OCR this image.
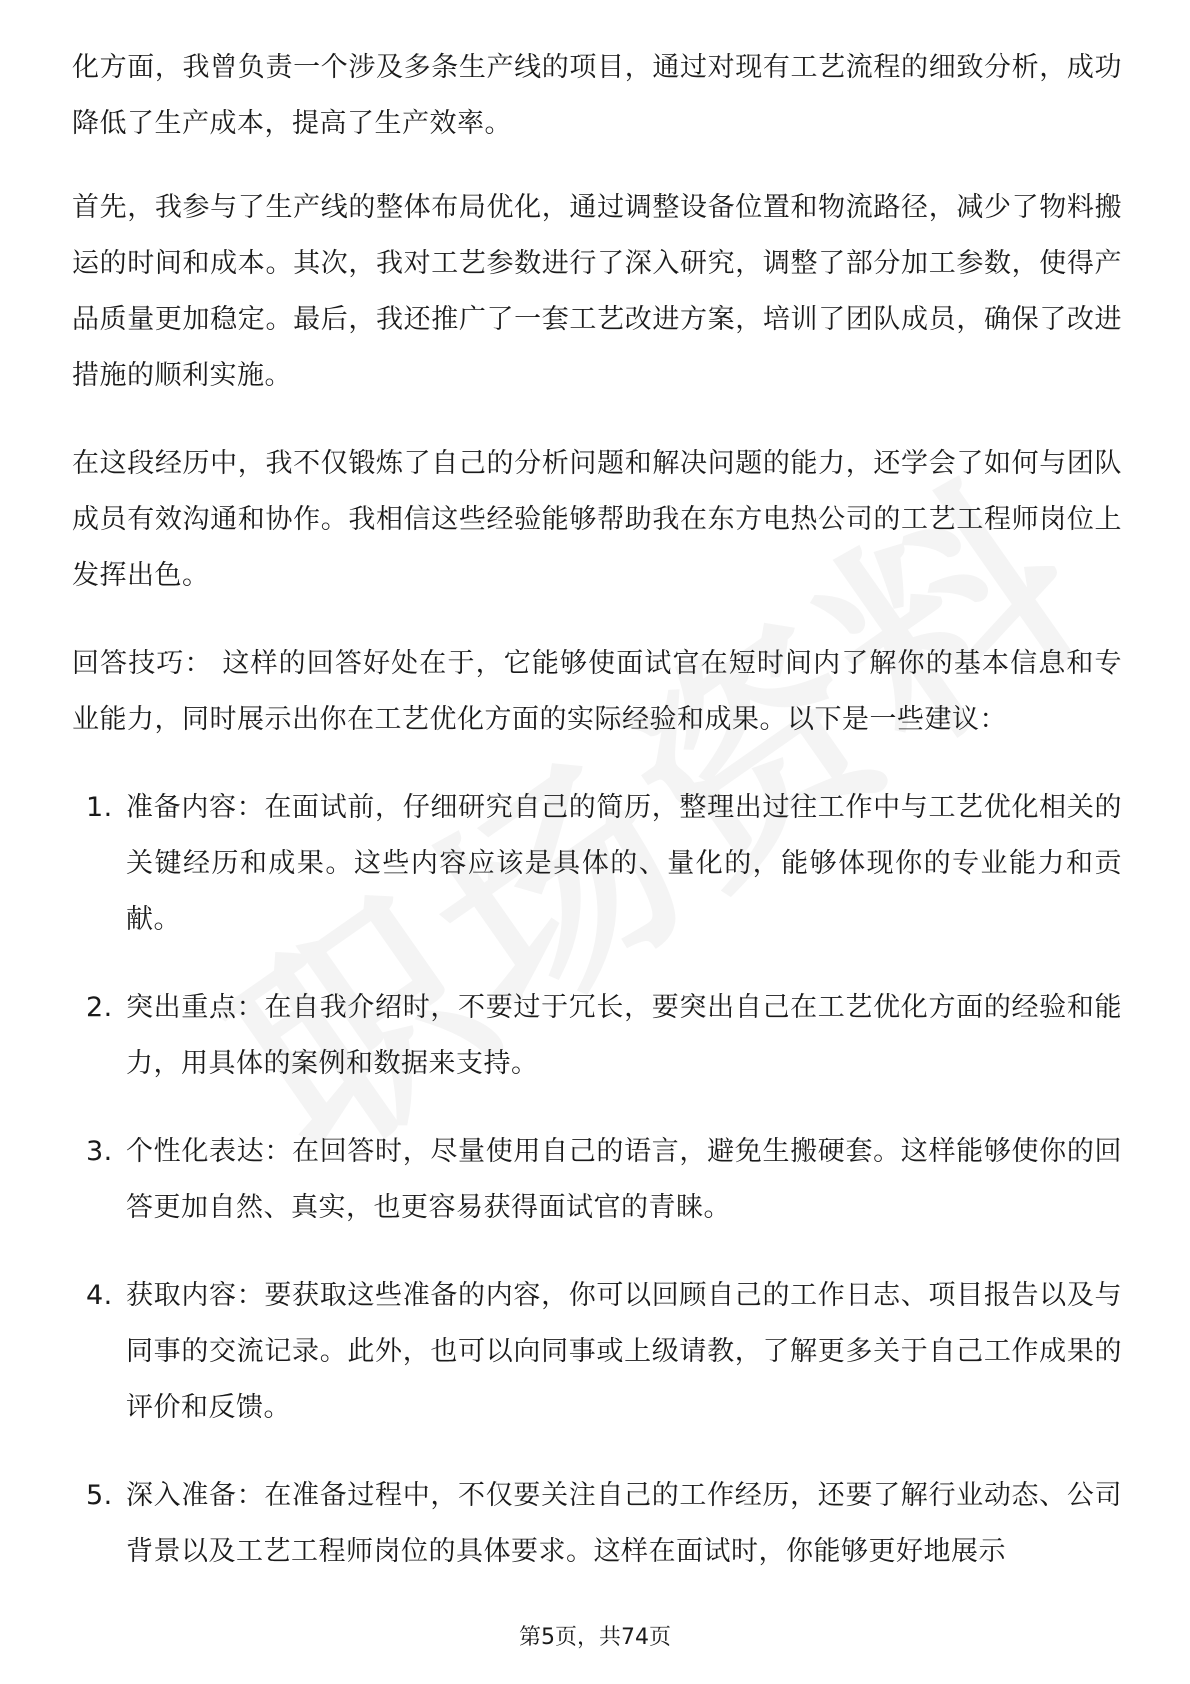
化方面，我曾负责一个涉及多条生产线的项目，通过对现有工艺流程的细致分析，成功降低了生产成本，提高了生产效率。

首先，我参与了生产线的整体布局优化，通过调整设备位置和物流路径，减少了物料搬运的时间和成本。其次，我对工艺参数进行了深入研究，调整了部分加工参数，使得产品质量更加稳定。最后，我还推广了一套工艺改进方案，培训了团队成员，确保了改进措施的顺利实施。

在这段经历中，我不仅锻炼了自己的分析问题和解决问题的能力，还学会了如何与团队成员有效沟通和协作。我相信这些经验能够帮助我在东方电热公司的工艺工程师岗位上发挥出色。

回答技巧： 这样的回答好处在于，它能够使面试官在短时间内了解你的基本信息和专业能力，同时展示出你在工艺优化方面的实际经验和成果。以下是一些建议：

1. 准备内容：在面试前，仔细研究自己的简历，整理出过往工作中与工艺优化相关的关键经历和成果。这些内容应该是具体的、量化的，能够体现你的专业能力和贡献。
2. 突出重点：在自我介绍时，不要过于冗长，要突出自己在工艺优化方面的经验和能力，用具体的案例和数据来支持。
3. 个性化表达：在回答时，尽量使用自己的语言，避免生搬硬套。这样能够使你的回答更加自然、真实，也更容易获得面试官的青睐。
4. 获取内容：要获取这些准备的内容，你可以回顾自己的工作日志、项目报告以及与同事的交流记录。此外，也可以向同事或上级请教，了解更多关于自己工作成果的评价和反馈。
5. 深入准备：在准备过程中，不仅要关注自己的工作经历，还要了解行业动态、公司背景以及工艺工程师岗位的具体要求。这样在面试时，你能够更好地展示
第5页，共74页
